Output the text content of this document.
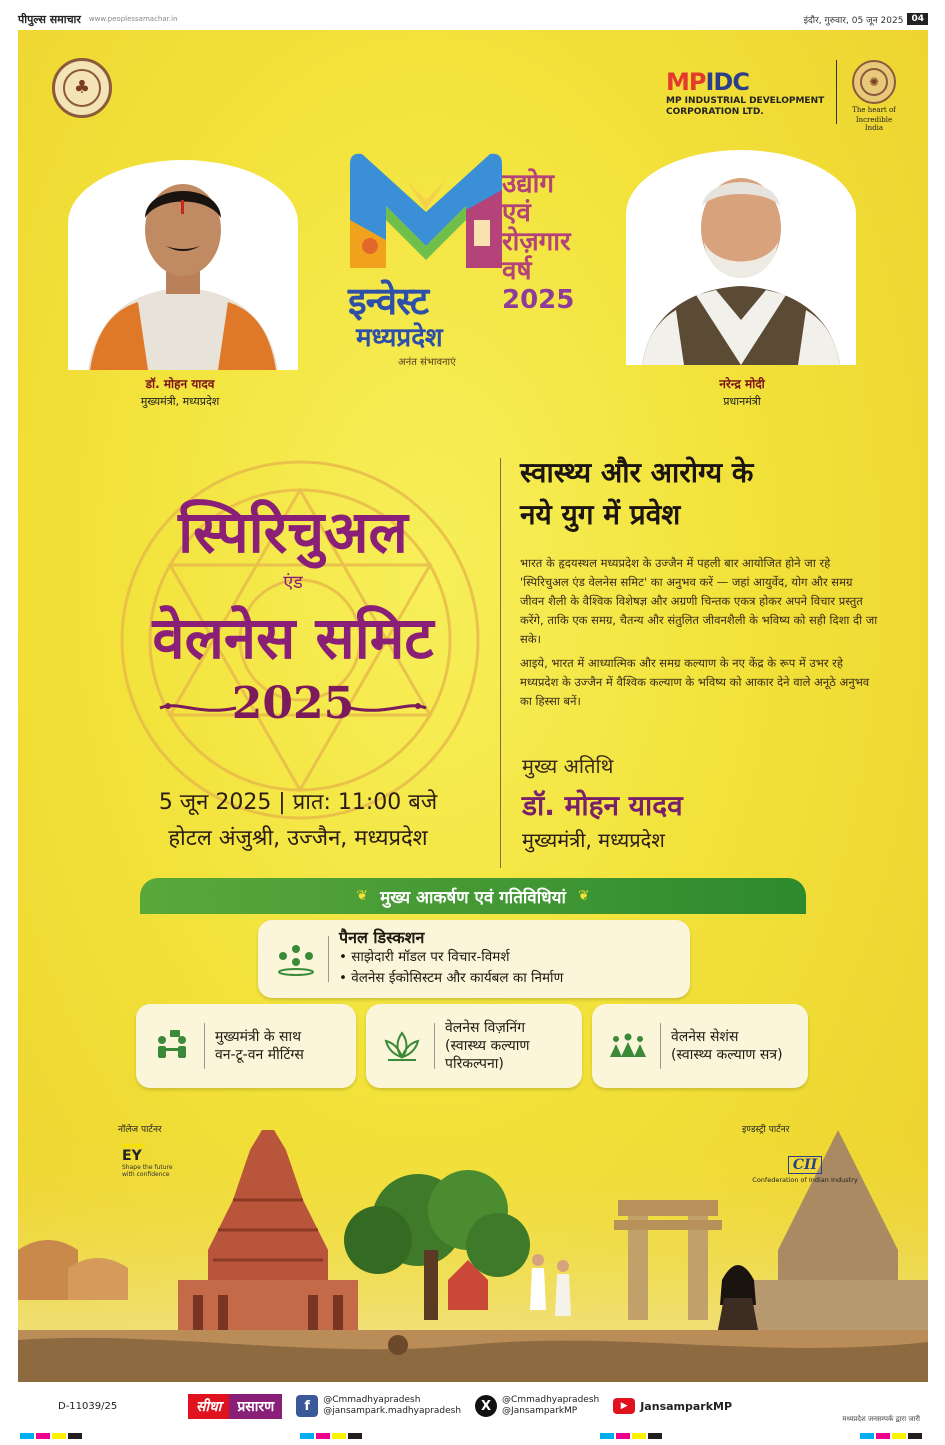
पीपुल्स समाचार www.peoplessamachar.in	इंदौर, गुरुवार, 05 जून 2025 04
♣	MPIDC
MP INDUSTRIAL DEVELOPMENT
CORPORATION LTD.
✺
The heart of
Incredible India
डॉ. मोहन यादव
मुख्यमंत्री, मध्यप्रदेश
नरेन्द्र मोदी
प्रधानमंत्री
इन्वेस्ट
मध्यप्रदेश
अनंत संभावनाएं
उद्योग
एवं
रोज़गार
वर्ष
2025
स्पिरिचुअल
एंड
वेलनेस समिट
2025
5 जून 2025 | प्रात: 11:00 बजे
होटल अंजुश्री, उज्जैन, मध्यप्रदेश
स्वास्थ्य और आरोग्य के
नये युग में प्रवेश

भारत के हृदयस्थल मध्यप्रदेश के उज्जैन में पहली बार आयोजित होने जा रहे 'स्पिरिचुअल एंड वेलनेस समिट' का अनुभव करें — जहां आयुर्वेद, योग और समग्र जीवन शैली के वैश्विक विशेषज्ञ और अग्रणी चिन्तक एकत्र होकर अपने विचार प्रस्तुत करेंगे, ताकि एक समग्र, चैतन्य और संतुलित जीवनशैली के भविष्य को सही दिशा दी जा सके।

आइये, भारत में आध्यात्मिक और समग्र कल्याण के नए केंद्र के रूप में उभर रहे मध्यप्रदेश के उज्जैन में वैश्विक कल्याण के भविष्य को आकार देने वाले अनूठे अनुभव का हिस्सा बनें।

मुख्य अतिथि
डॉ. मोहन यादव
मुख्यमंत्री, मध्यप्रदेश
❦ मुख्य आकर्षण एवं गतिविधियां ❦
पैनल डिस्कशन
• साझेदारी मॉडल पर विचार-विमर्श
• वेलनेस ईकोसिस्टम और कार्यबल का निर्माण
मुख्यमंत्री के साथ
वन-टू-वन मीटिंग्स
वेलनेस विज़निंग
(स्वास्थ्य कल्याण
परिकल्पना)
वेलनेस सेशंस
(स्वास्थ्य कल्याण सत्र)
नॉलेज पार्टनर
EY
Shape the future
with confidence
इण्डस्ट्री पार्टनर
CII
Confederation of Indian Industry
D-11039/25	सीधा	प्रसारण	f	@Cmmadhyapradesh
@jansampark.madhyapradesh	X	@Cmmadhyapradesh
@JansamparkMP
▶	JansamparkMP
मध्यप्रदेश जनसम्पर्क द्वारा जारी
